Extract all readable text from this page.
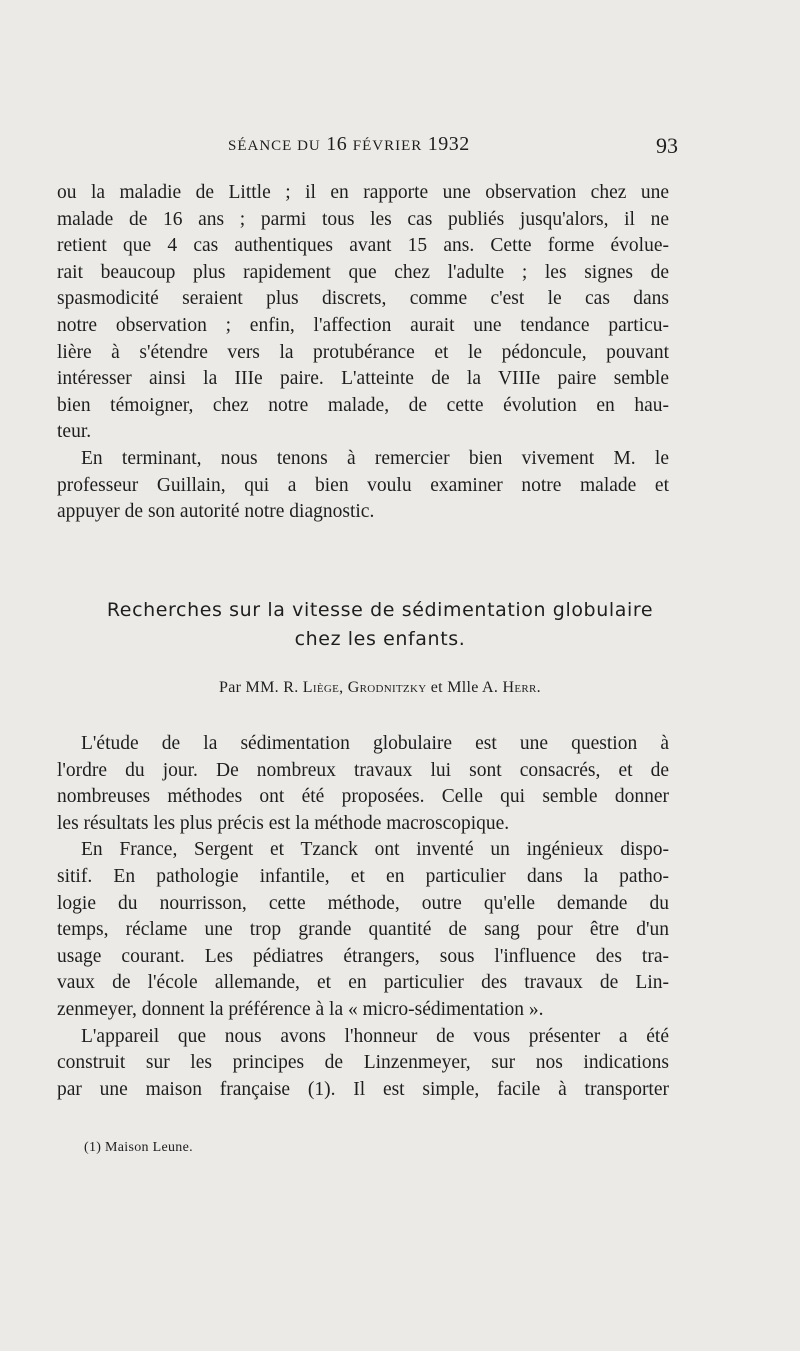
SÉANCE DU 16 FÉVRIER 1932	93

ou la maladie de Little ; il en rapporte une observation chez une
malade de 16 ans ; parmi tous les cas publiés jusqu'alors, il ne
retient que 4 cas authentiques avant 15 ans. Cette forme évolue-
rait beaucoup plus rapidement que chez l'adulte ; les signes de
spasmodicité seraient plus discrets, comme c'est le cas dans
notre observation ; enfin, l'affection aurait une tendance particu-
lière à s'étendre vers la protubérance et le pédoncule, pouvant
intéresser ainsi la IIIe paire. L'atteinte de la VIIIe paire semble
bien témoigner, chez notre malade, de cette évolution en hau-
teur.

En terminant, nous tenons à remercier bien vivement M. le
professeur Guillain, qui a bien voulu examiner notre malade et
appuyer de son autorité notre diagnostic.

Recherches sur la vitesse de sédimentation globulaire
chez les enfants.
Par MM. R. Liège, Grodnitzky et Mlle A. Herr.

L'étude de la sédimentation globulaire est une question à
l'ordre du jour. De nombreux travaux lui sont consacrés, et de
nombreuses méthodes ont été proposées. Celle qui semble donner
les résultats les plus précis est la méthode macroscopique.

En France, Sergent et Tzanck ont inventé un ingénieux dispo-
sitif. En pathologie infantile, et en particulier dans la patho-
logie du nourrisson, cette méthode, outre qu'elle demande du
temps, réclame une trop grande quantité de sang pour être d'un
usage courant. Les pédiatres étrangers, sous l'influence des tra-
vaux de l'école allemande, et en particulier des travaux de Lin-
zenmeyer, donnent la préférence à la « micro-sédimentation ».

L'appareil que nous avons l'honneur de vous présenter a été
construit sur les principes de Linzenmeyer, sur nos indications
par une maison française (1). Il est simple, facile à transporter

(1) Maison Leune.
